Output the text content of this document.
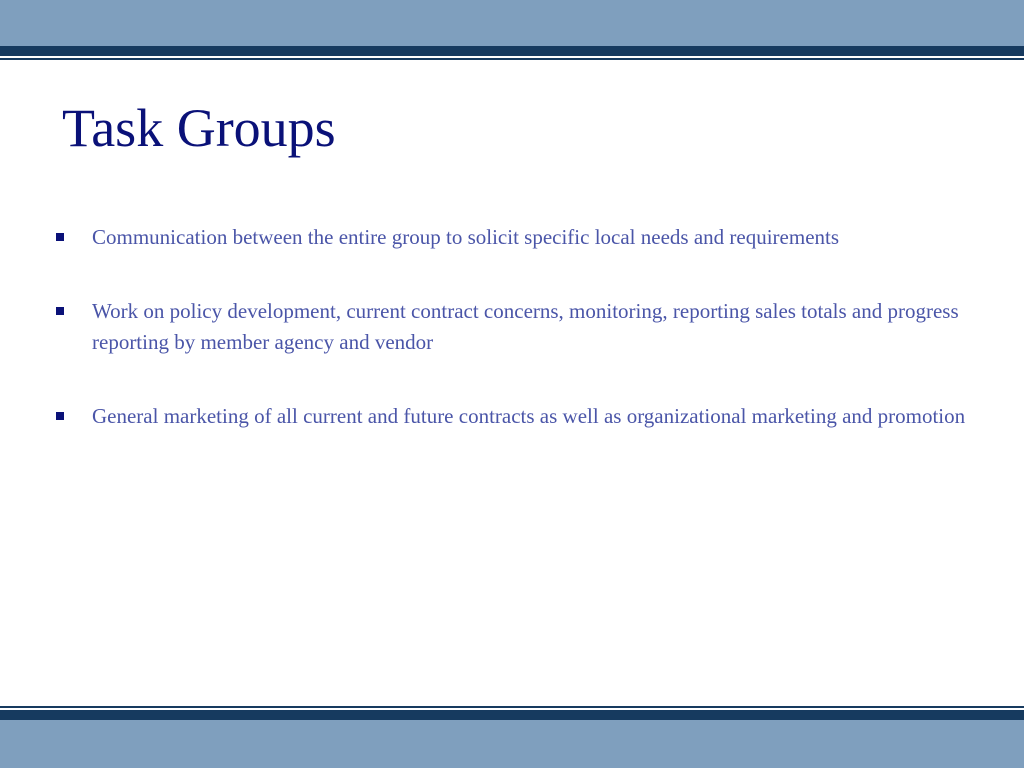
Task Groups
Communication between the entire group to solicit specific local needs and requirements
Work on policy development, current contract concerns, monitoring, reporting sales totals and progress reporting by member agency and vendor
General marketing of all current and future contracts as well as organizational marketing and promotion
